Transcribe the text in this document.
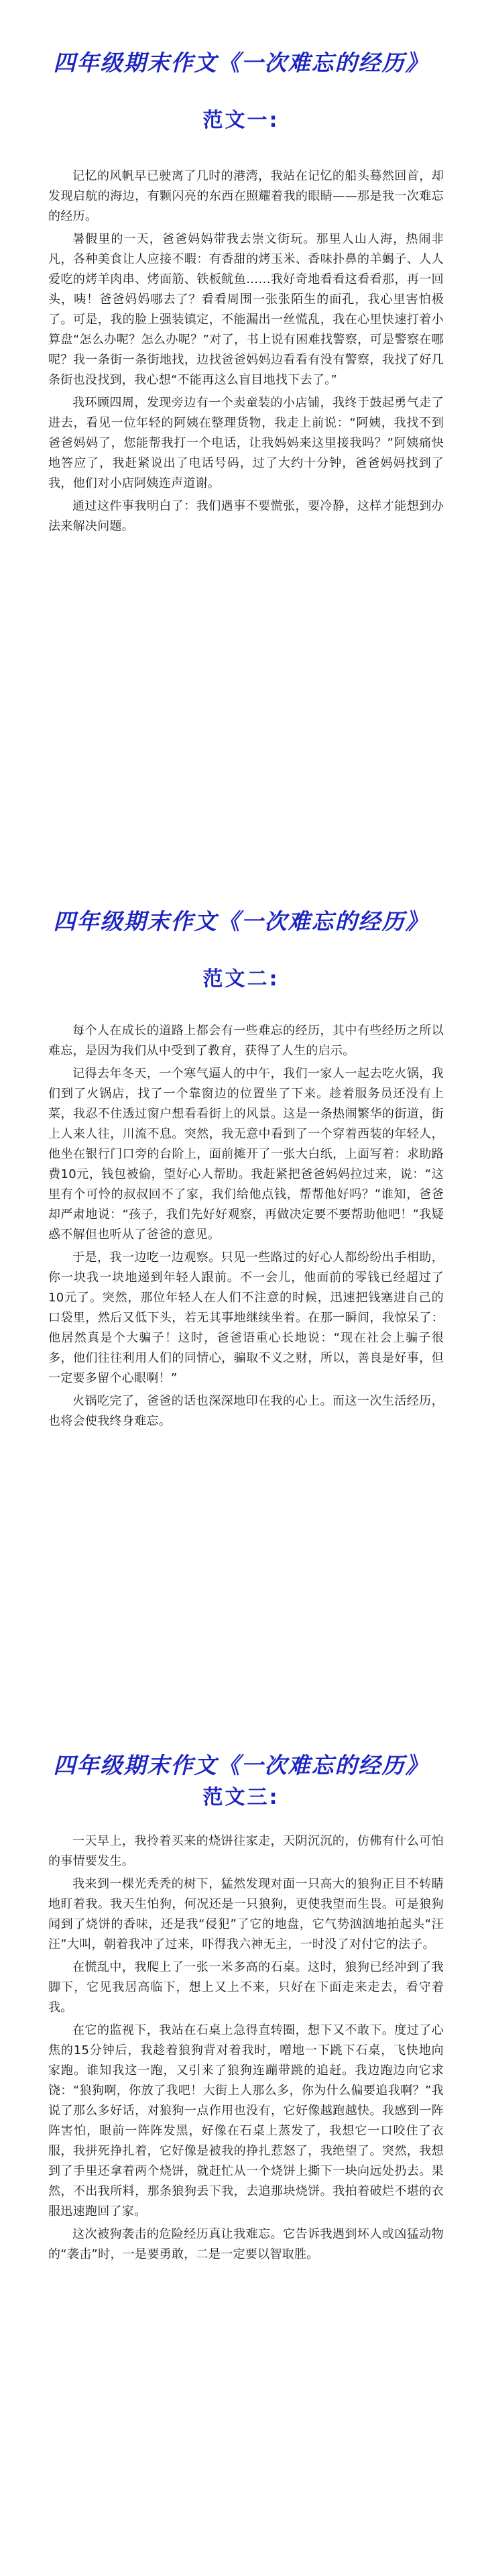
四年级期末作文《一次难忘的经历》
范文一:

记忆的风帆早已驶离了几时的港湾，我站在记忆的船头蓦然回首，却发现启航的海边，有颗闪亮的东西在照耀着我的眼睛——那是我一次难忘的经历。

暑假里的一天，爸爸妈妈带我去崇文街玩。那里人山人海，热闹非凡，各种美食让人应接不暇：有香甜的烤玉米、香味扑鼻的羊蝎子、人人爱吃的烤羊肉串、烤面筋、铁板鱿鱼……我好奇地看看这看看那，再一回头，咦！爸爸妈妈哪去了？看看周围一张张陌生的面孔，我心里害怕极了。可是，我的脸上强装镇定，不能漏出一丝慌乱，我在心里快速打着小算盘“怎么办呢？怎么办呢？”对了，书上说有困难找警察，可是警察在哪呢？我一条街一条街地找，边找爸爸妈妈边看看有没有警察，我找了好几条街也没找到，我心想“不能再这么盲目地找下去了。”

我环顾四周，发现旁边有一个卖童装的小店铺，我终于鼓起勇气走了进去，看见一位年轻的阿姨在整理货物，我走上前说：“阿姨，我找不到爸爸妈妈了，您能帮我打一个电话，让我妈妈来这里接我吗？”阿姨痛快地答应了，我赶紧说出了电话号码，过了大约十分钟，爸爸妈妈找到了我，他们对小店阿姨连声道谢。

通过这件事我明白了：我们遇事不要慌张，要冷静，这样才能想到办法来解决问题。

四年级期末作文《一次难忘的经历》
范文二:

每个人在成长的道路上都会有一些难忘的经历，其中有些经历之所以难忘，是因为我们从中受到了教育，获得了人生的启示。

记得去年冬天，一个寒气逼人的中午，我们一家人一起去吃火锅，我们到了火锅店，找了一个靠窗边的位置坐了下来。趁着服务员还没有上菜，我忍不住透过窗户想看看街上的风景。这是一条热闹繁华的街道，街上人来人往，川流不息。突然，我无意中看到了一个穿着西装的年轻人，他坐在银行门口旁的台阶上，面前摊开了一张大白纸，上面写着：求助路费10元，钱包被偷，望好心人帮助。我赶紧把爸爸妈妈拉过来，说：“这里有个可怜的叔叔回不了家，我们给他点钱，帮帮他好吗？”谁知，爸爸却严肃地说：“孩子，我们先好好观察，再做决定要不要帮助他吧！”我疑惑不解但也听从了爸爸的意见。

于是，我一边吃一边观察。只见一些路过的好心人都纷纷出手相助，你一块我一块地递到年轻人跟前。不一会儿，他面前的零钱已经超过了10元了。突然，那位年轻人在人们不注意的时候，迅速把钱塞进自己的口袋里，然后又低下头，若无其事地继续坐着。在那一瞬间，我惊呆了：他居然真是个大骗子！这时，爸爸语重心长地说：“现在社会上骗子很多，他们往往利用人们的同情心，骗取不义之财，所以，善良是好事，但一定要多留个心眼啊！”

火锅吃完了，爸爸的话也深深地印在我的心上。而这一次生活经历，也将会使我终身难忘。

四年级期末作文《一次难忘的经历》
范文三:

一天早上，我拎着买来的烧饼往家走，天阴沉沉的，仿佛有什么可怕的事情要发生。

我来到一棵光秃秃的树下，猛然发现对面一只高大的狼狗正目不转睛地盯着我。我天生怕狗，何况还是一只狼狗，更使我望而生畏。可是狼狗闻到了烧饼的香味，还是我“侵犯”了它的地盘，它气势汹汹地拍起头“汪汪”大叫，朝着我冲了过来，吓得我六神无主，一时没了对付它的法子。

在慌乱中，我爬上了一张一米多高的石桌。这时，狼狗已经冲到了我脚下，它见我居高临下，想上又上不来，只好在下面走来走去，看守着我。

在它的监视下，我站在石桌上急得直转圈，想下又不敢下。度过了心焦的15分钟后，我趁着狼狗背对着我时，噌地一下跳下石桌，飞快地向家跑。谁知我这一跑，又引来了狼狗连蹦带跳的追赶。我边跑边向它求饶：“狼狗啊，你放了我吧！大街上人那么多，你为什么偏要追我啊？”我说了那么多好话，对狼狗一点作用也没有，它好像越跑越快。我感到一阵阵害怕，眼前一阵阵发黑，好像在石桌上蒸发了，我想它一口咬住了衣服，我拼死挣扎着，它好像是被我的挣扎惹怒了，我绝望了。突然，我想到了手里还拿着两个烧饼，就赶忙从一个烧饼上撕下一块向远处扔去。果然，不出我所料，那条狼狗丢下我，去追那块烧饼。我拍着破烂不堪的衣服迅速跑回了家。

这次被狗袭击的危险经历真让我难忘。它告诉我遇到坏人或凶猛动物的“袭击”时，一是要勇敢，二是一定要以智取胜。
